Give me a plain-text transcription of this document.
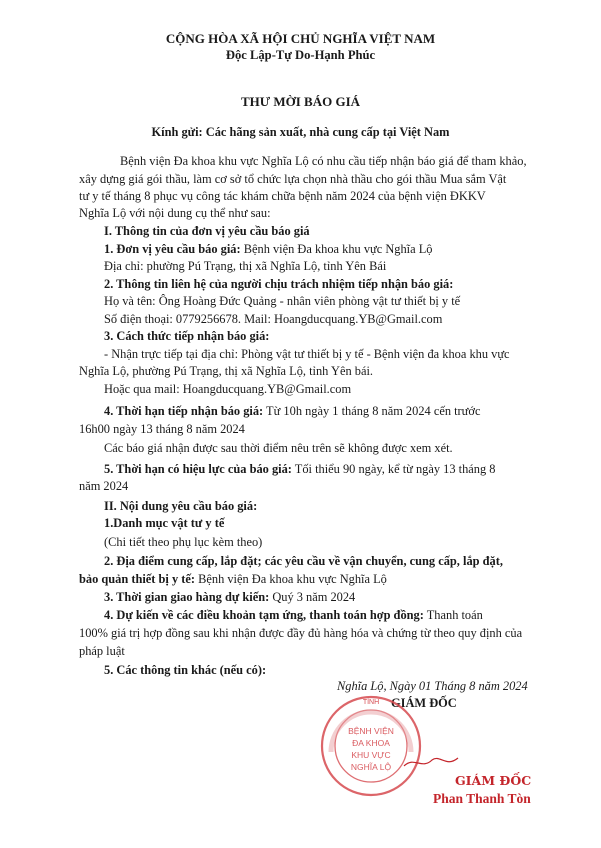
CỘNG HÒA XÃ HỘI CHỦ NGHĨA VIỆT NAM
Độc Lập-Tự Do-Hạnh Phúc
THƯ MỜI BÁO GIÁ
Kính gửi: Các hãng sản xuất, nhà cung cấp tại Việt Nam
Bệnh viện Đa khoa khu vực Nghĩa Lộ có nhu cầu tiếp nhận báo giá để tham khảo,
xây dựng giá gói thầu, làm cơ sở tổ chức lựa chọn nhà thầu cho gói thầu Mua sắm Vật
tư y tế tháng 8 phục vụ công tác khám chữa bệnh năm 2024 của bệnh viện ĐKKV
Nghĩa Lộ với nội dung cụ thể như sau:
I. Thông tin của đơn vị yêu cầu báo giá
1. Đơn vị yêu cầu báo giá: Bệnh viện Đa khoa khu vực Nghĩa Lộ
Địa chỉ: phường Pú Trạng, thị xã Nghĩa Lộ, tỉnh Yên Bái
2. Thông tin liên hệ của người chịu trách nhiệm tiếp nhận báo giá:
Họ và tên: Ông Hoàng Đức Quảng - nhân viên phòng vật tư thiết bị y tế
Số điện thoại: 0779256678. Mail: Hoangducquang.YB@Gmail.com
3. Cách thức tiếp nhận báo giá:
- Nhận trực tiếp tại địa chỉ: Phòng vật tư thiết bị y tế - Bệnh viện đa khoa khu vực
Nghĩa Lộ, phường Pú Trạng, thị xã Nghĩa Lộ, tỉnh Yên bái.
Hoặc qua mail: Hoangducquang.YB@Gmail.com
4. Thời hạn tiếp nhận báo giá: Từ 10h ngày 1 tháng 8 năm 2024 cến trước
16h00 ngày 13 tháng 8 năm 2024
Các báo giá nhận được sau thời điểm nêu trên sẽ không được xem xét.
5. Thời hạn có hiệu lực của báo giá: Tối thiểu 90 ngày, kể từ ngày 13 tháng 8
năm 2024
II. Nội dung yêu cầu báo giá:
1.Danh mục vật tư y tế
(Chi tiết theo phụ lục kèm theo)
2. Địa điểm cung cấp, lắp đặt; các yêu cầu về vận chuyển, cung cấp, lắp đặt,
bảo quản thiết bị y tế: Bệnh viện Đa khoa khu vực Nghĩa Lộ
3. Thời gian giao hàng dự kiến: Quý 3 năm 2024
4. Dự kiến về các điều khoản tạm ứng, thanh toán hợp đồng: Thanh toán
100% giá trị hợp đồng sau khi nhận được đầy đủ hàng hóa và chứng từ theo quy định của
pháp luật
5. Các thông tin khác (nếu có):
Nghĩa Lộ, Ngày 01 Tháng 8 năm 2024
GIÁM ĐỐC
TỈNH
BỆNH VIỆN
ĐA KHOA
KHU VỰC
NGHĨA LỘ
GIÁM ĐỐC
Phan Thanh Tòn
